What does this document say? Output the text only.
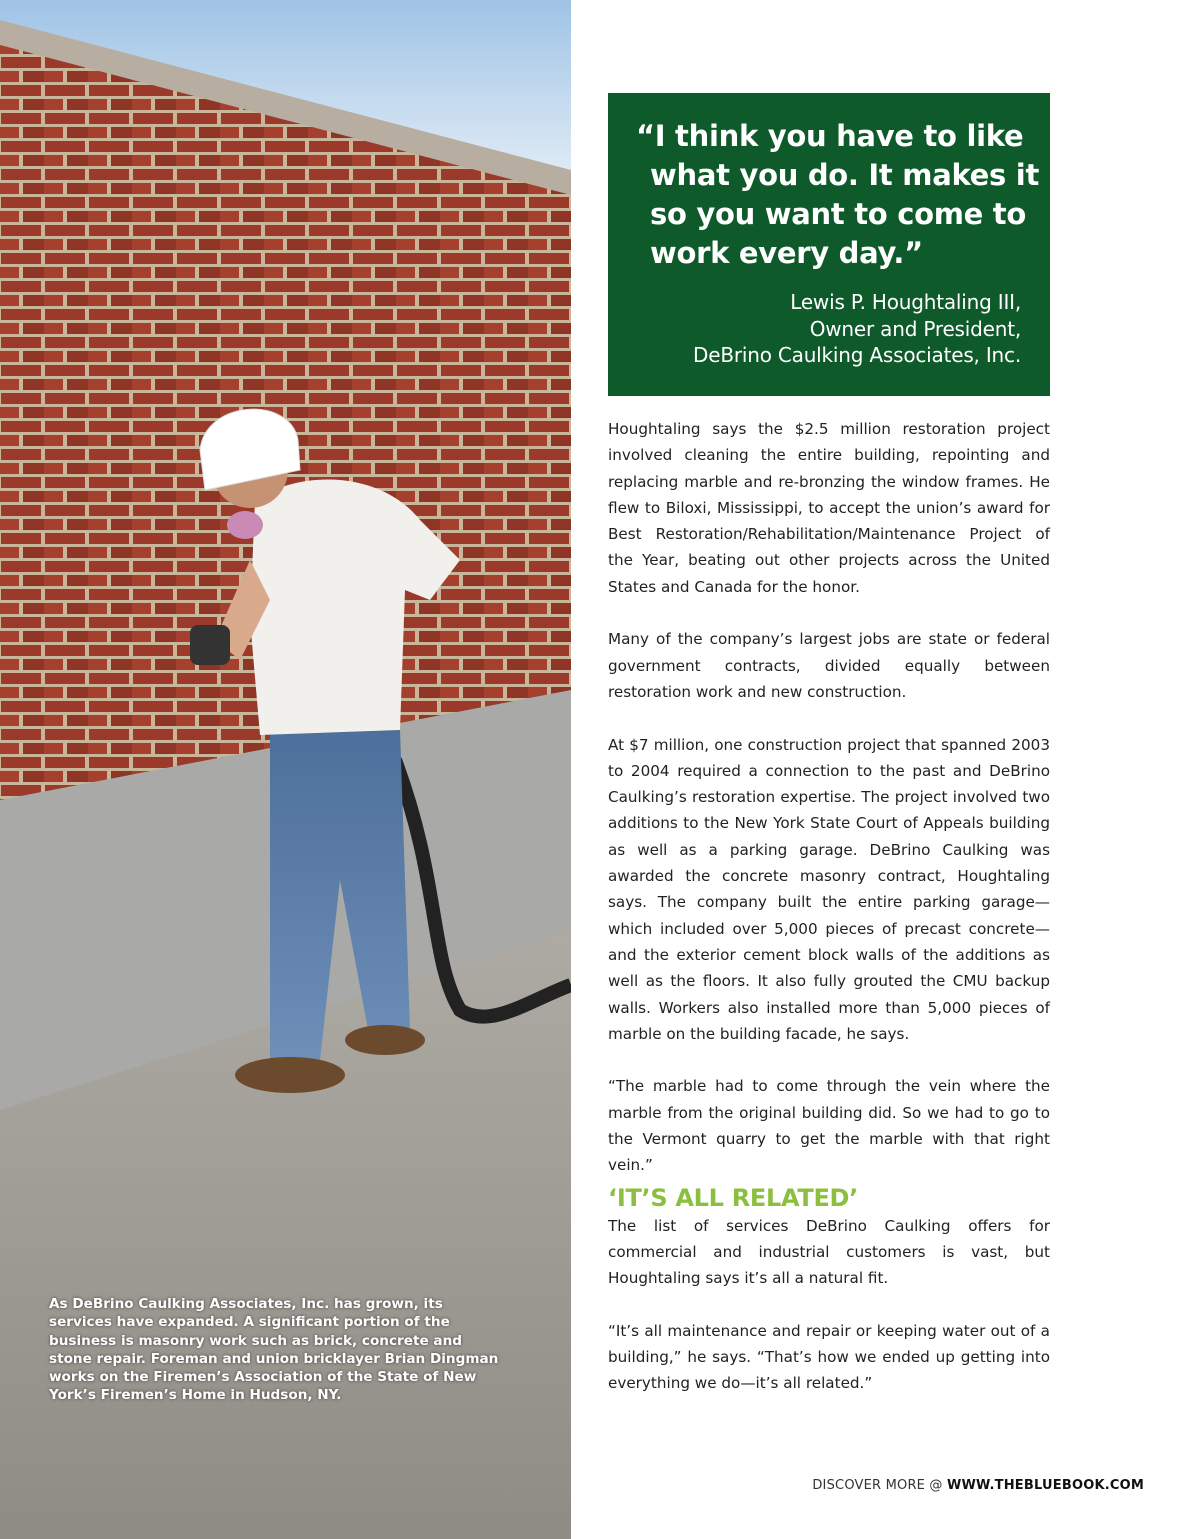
As DeBrino Caulking Associates, Inc. has grown, its services have expanded. A significant portion of the business is masonry work such as brick, concrete and stone repair. Foreman and union bricklayer Brian Dingman works on the Firemen’s Association of the State of New York’s Firemen’s Home in Hudson, NY.
“I think you have to like what you do. It makes it so you want to come to work every day.”
Lewis P. Houghtaling III,
Owner and President,
DeBrino Caulking Associates, Inc.

Houghtaling says the $2.5 million restoration project involved cleaning the entire building, repointing and replacing marble and re-bronzing the window frames. He flew to Biloxi, Mississippi, to accept the union’s award for Best Restoration/Rehabilitation/Maintenance Project of the Year, beating out other projects across the United States and Canada for the honor.

Many of the company’s largest jobs are state or federal government contracts, divided equally between restoration work and new construction.

At $7 million, one construction project that spanned 2003 to 2004 required a connection to the past and DeBrino Caulking’s restoration expertise. The project involved two additions to the New York State Court of Appeals building as well as a parking garage. DeBrino Caulking was awarded the concrete masonry contract, Houghtaling says. The company built the entire parking garage—which included over 5,000 pieces of precast concrete—and the exterior cement block walls of the additions as well as the floors. It also fully grouted the CMU backup walls. Workers also installed more than 5,000 pieces of marble on the building facade, he says.

“The marble had to come through the vein where the marble from the original building did. So we had to go to the Vermont quarry to get the marble with that right vein.”

‘IT’S ALL RELATED’

The list of services DeBrino Caulking offers for commercial and industrial customers is vast, but Houghtaling says it’s all a natural fit.

“It’s all maintenance and repair or keeping water out of a building,” he says. “That’s how we ended up getting into everything we do—it’s all related.”

DISCOVER MORE @ WWW.THEBLUEBOOK.COM
